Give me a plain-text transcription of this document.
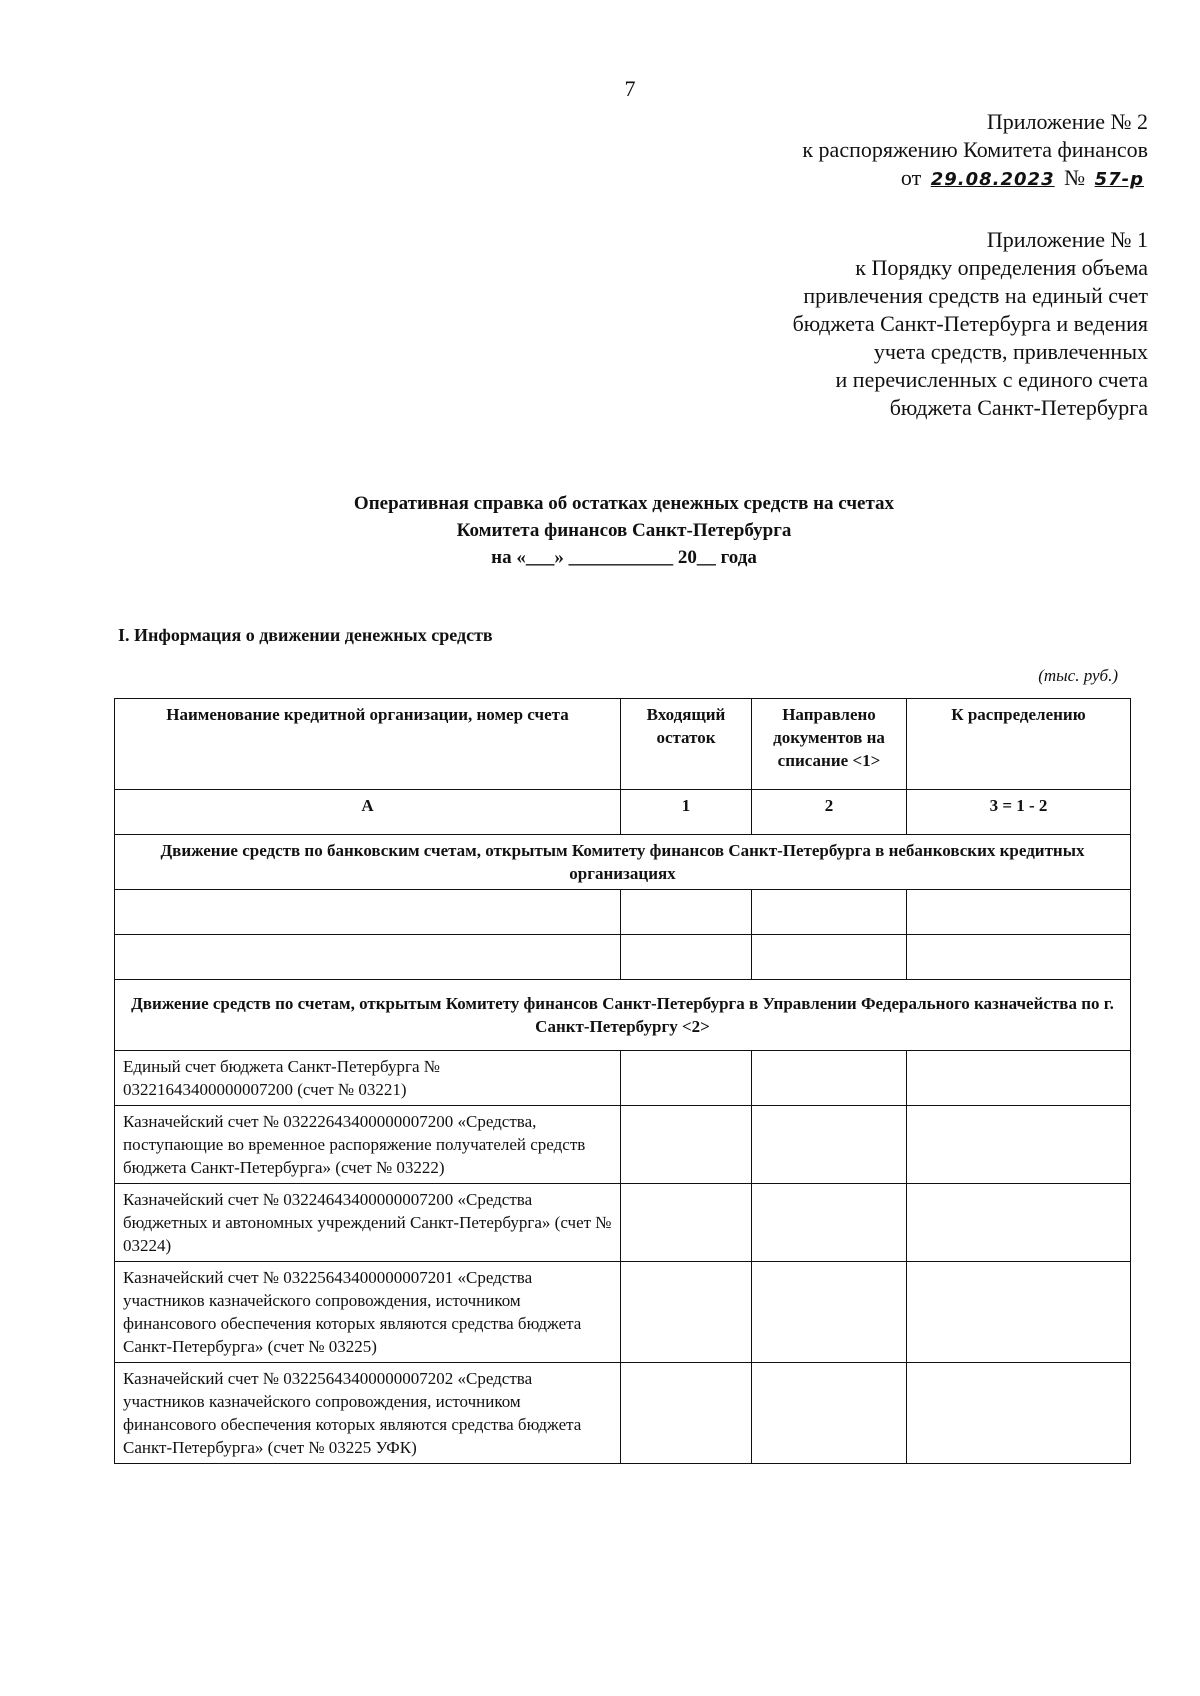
7
Приложение № 2
к распоряжению Комитета финансов
от 29.08.2023 № 57-р
Приложение № 1
к Порядку определения объема
привлечения средств на единый счет
бюджета Санкт-Петербурга и ведения
учета средств, привлеченных
и перечисленных с единого счета
бюджета Санкт-Петербурга
Оперативная справка об остатках денежных средств на счетах
Комитета финансов Санкт-Петербурга
на «___» ___________ 20__ года
I. Информация о движении денежных средств
(тыс. руб.)
Наименование кредитной организации, номер счета	Входящий остаток	Направлено документов на списание <1>	К распределению
А	1	2	3 = 1 - 2
Движение средств по банковским счетам, открытым Комитету финансов Санкт-Петербурга в небанковских кредитных организациях			

Движение средств по счетам, открытым Комитету финансов Санкт-Петербурга в Управлении Федерального казначейства по г. Санкт-Петербургу <2>			
Единый счет бюджета Санкт-Петербурга № 03221643400000007200 (счет № 03221)			
Казначейский счет № 03222643400000007200 «Средства, поступающие во временное распоряжение получателей средств бюджета Санкт-Петербурга» (счет № 03222)			
Казначейский счет № 03224643400000007200 «Средства бюджетных и автономных учреждений Санкт-Петербурга» (счет № 03224)			
Казначейский счет № 03225643400000007201 «Средства участников казначейского сопровождения, источником финансового обеспечения которых являются средства бюджета Санкт-Петербурга» (счет № 03225)			
Казначейский счет № 03225643400000007202 «Средства участников казначейского сопровождения, источником финансового обеспечения которых являются средства бюджета Санкт-Петербурга» (счет № 03225 УФК)			
